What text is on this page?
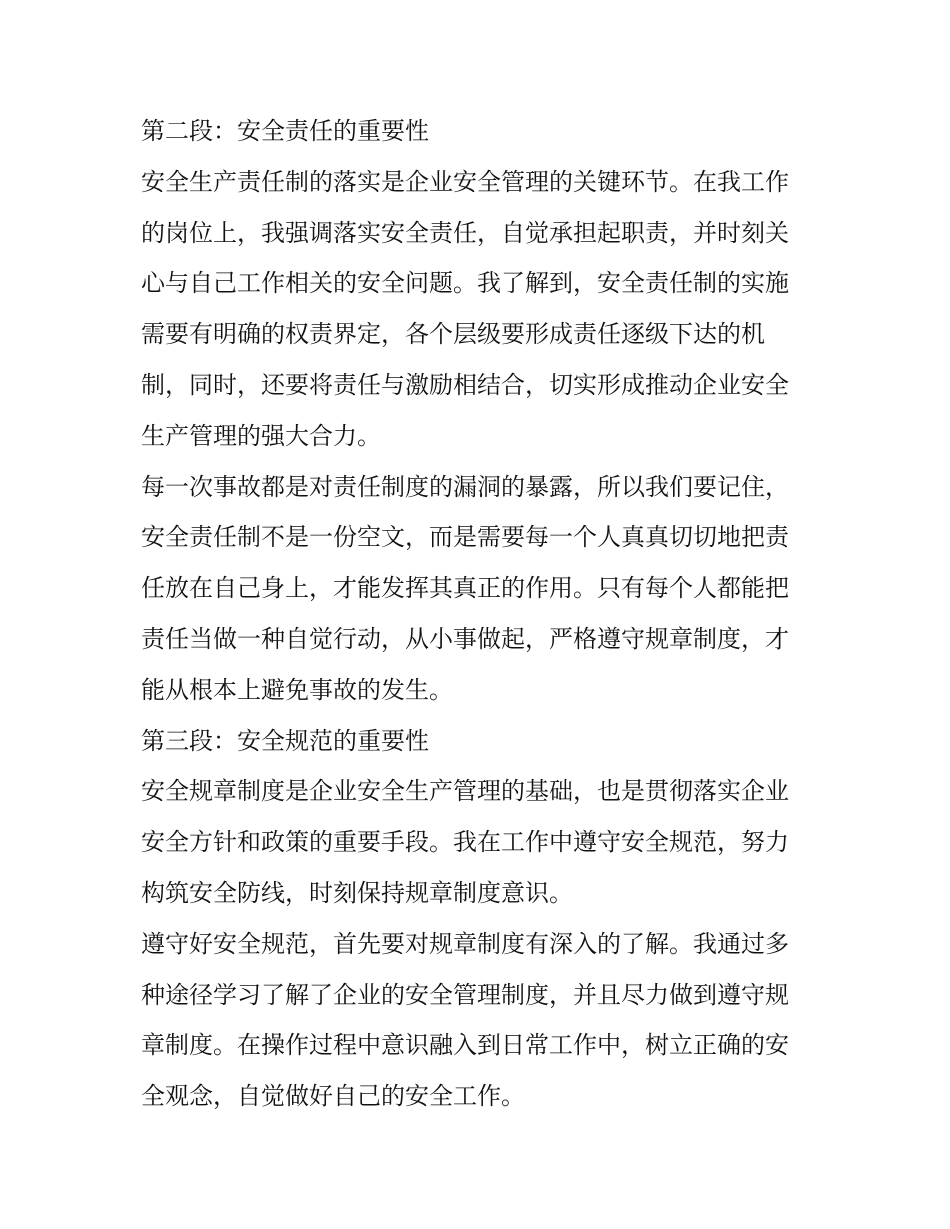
第二段：安全责任的重要性
安全生产责任制的落实是企业安全管理的关键环节。在我工作
的岗位上，我强调落实安全责任，自觉承担起职责，并时刻关
心与自己工作相关的安全问题。我了解到，安全责任制的实施
需要有明确的权责界定，各个层级要形成责任逐级下达的机
制，同时，还要将责任与激励相结合，切实形成推动企业安全
生产管理的强大合力。
每一次事故都是对责任制度的漏洞的暴露，所以我们要记住，
安全责任制不是一份空文，而是需要每一个人真真切切地把责
任放在自己身上，才能发挥其真正的作用。只有每个人都能把
责任当做一种自觉行动，从小事做起，严格遵守规章制度，才
能从根本上避免事故的发生。
第三段：安全规范的重要性
安全规章制度是企业安全生产管理的基础，也是贯彻落实企业
安全方针和政策的重要手段。我在工作中遵守安全规范，努力
构筑安全防线，时刻保持规章制度意识。
遵守好安全规范，首先要对规章制度有深入的了解。我通过多
种途径学习了解了企业的安全管理制度，并且尽力做到遵守规
章制度。在操作过程中意识融入到日常工作中，树立正确的安
全观念，自觉做好自己的安全工作。
